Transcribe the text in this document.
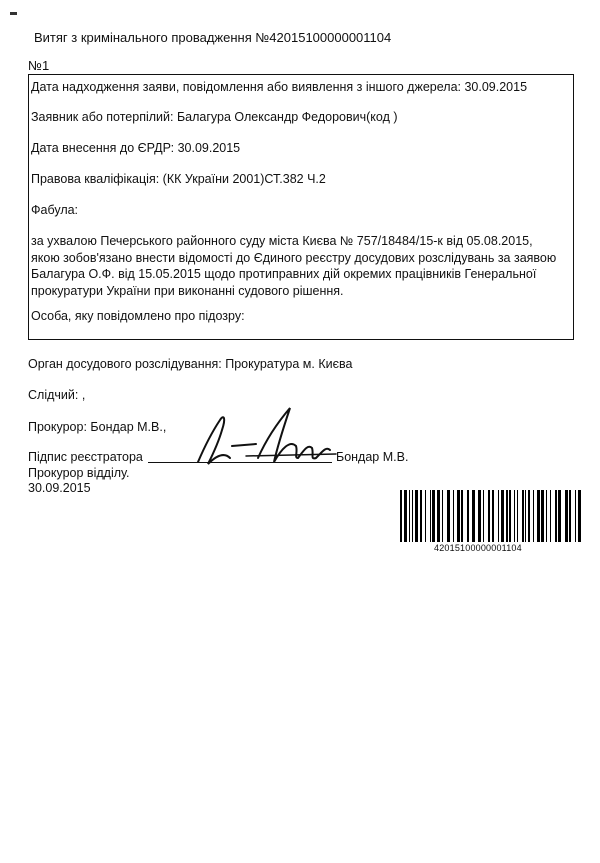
Витяг з кримінального провадження №42015100000001104
№1
Дата надходження заяви, повідомлення або виявлення з іншого джерела: 30.09.2015
Заявник або потерпілий: Балагура Олександр Федорович(код )
Дата внесення до ЄРДР: 30.09.2015
Правова кваліфікація: (КК України 2001)СТ.382 Ч.2
Фабула:
за ухвалою Печерського районного суду міста Києва № 757/18484/15-к від 05.08.2015, якою зобов'язано внести відомості до Єдиного реєстру досудових розслідувань за заявою Балагура О.Ф. від 15.05.2015 щодо протиправних дій окремих працівників Генеральної прокуратури України при виконанні судового рішення.
Особа, яку повідомлено про підозру:
Орган досудового розслідування: Прокуратура м. Києва
Слідчий: ,
Прокурор: Бондар М.В.,
Підпис реєстратора	Бондар М.В.
Прокурор відділу.
30.09.2015
42015100000001104
